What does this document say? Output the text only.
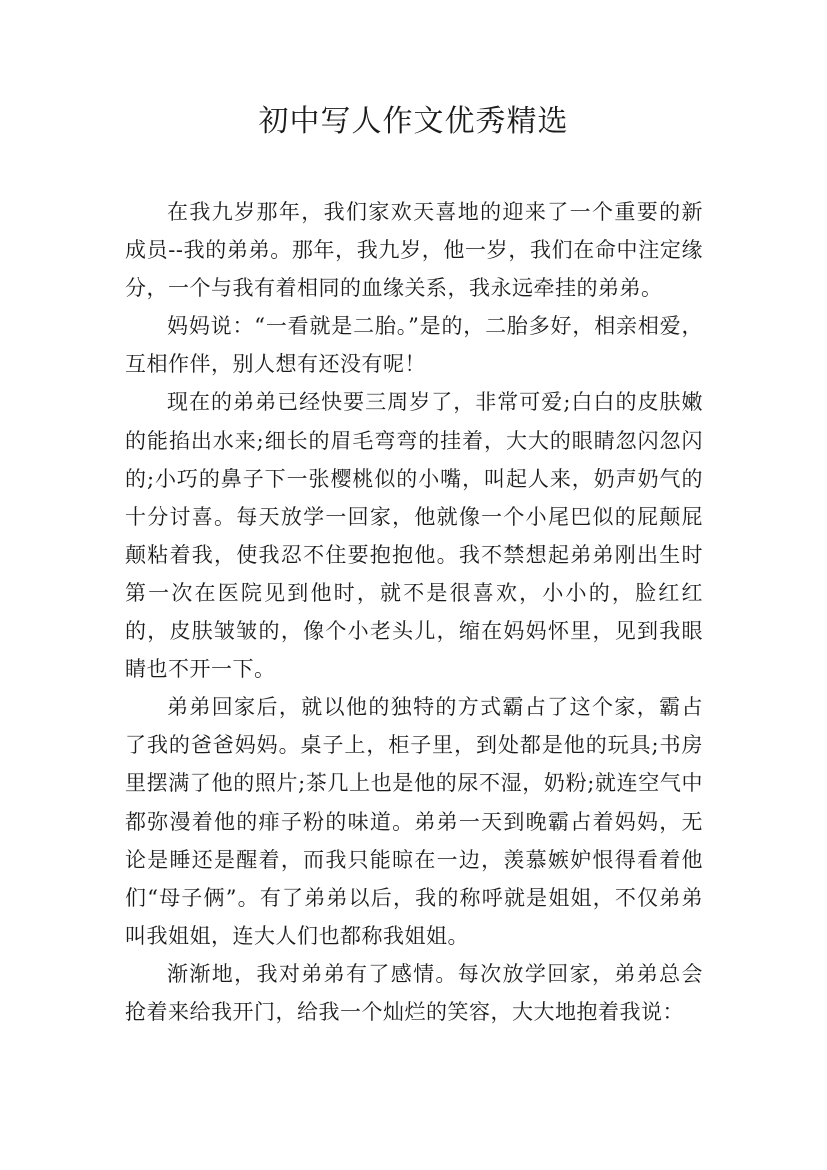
初中写人作文优秀精选

在我九岁那年，我们家欢天喜地的迎来了一个重要的新成员--我的弟弟。那年，我九岁，他一岁，我们在命中注定缘分，一个与我有着相同的血缘关系，我永远牵挂的弟弟。

妈妈说：“一看就是二胎。”是的，二胎多好，相亲相爱，互相作伴，别人想有还没有呢！

现在的弟弟已经快要三周岁了，非常可爱;白白的皮肤嫩的能掐出水来;细长的眉毛弯弯的挂着，大大的眼睛忽闪忽闪的;小巧的鼻子下一张樱桃似的小嘴，叫起人来，奶声奶气的十分讨喜。每天放学一回家，他就像一个小尾巴似的屁颠屁颠粘着我，使我忍不住要抱抱他。我不禁想起弟弟刚出生时第一次在医院见到他时，就不是很喜欢，小小的，脸红红的，皮肤皱皱的，像个小老头儿，缩在妈妈怀里，见到我眼睛也不开一下。

弟弟回家后，就以他的独特的方式霸占了这个家，霸占了我的爸爸妈妈。桌子上，柜子里，到处都是他的玩具;书房里摆满了他的照片;茶几上也是他的尿不湿，奶粉;就连空气中都弥漫着他的痱子粉的味道。弟弟一天到晚霸占着妈妈，无论是睡还是醒着，而我只能晾在一边，羡慕嫉妒恨得看着他们“母子俩”。有了弟弟以后，我的称呼就是姐姐，不仅弟弟叫我姐姐，连大人们也都称我姐姐。

渐渐地，我对弟弟有了感情。每次放学回家，弟弟总会抢着来给我开门，给我一个灿烂的笑容，大大地抱着我说：
